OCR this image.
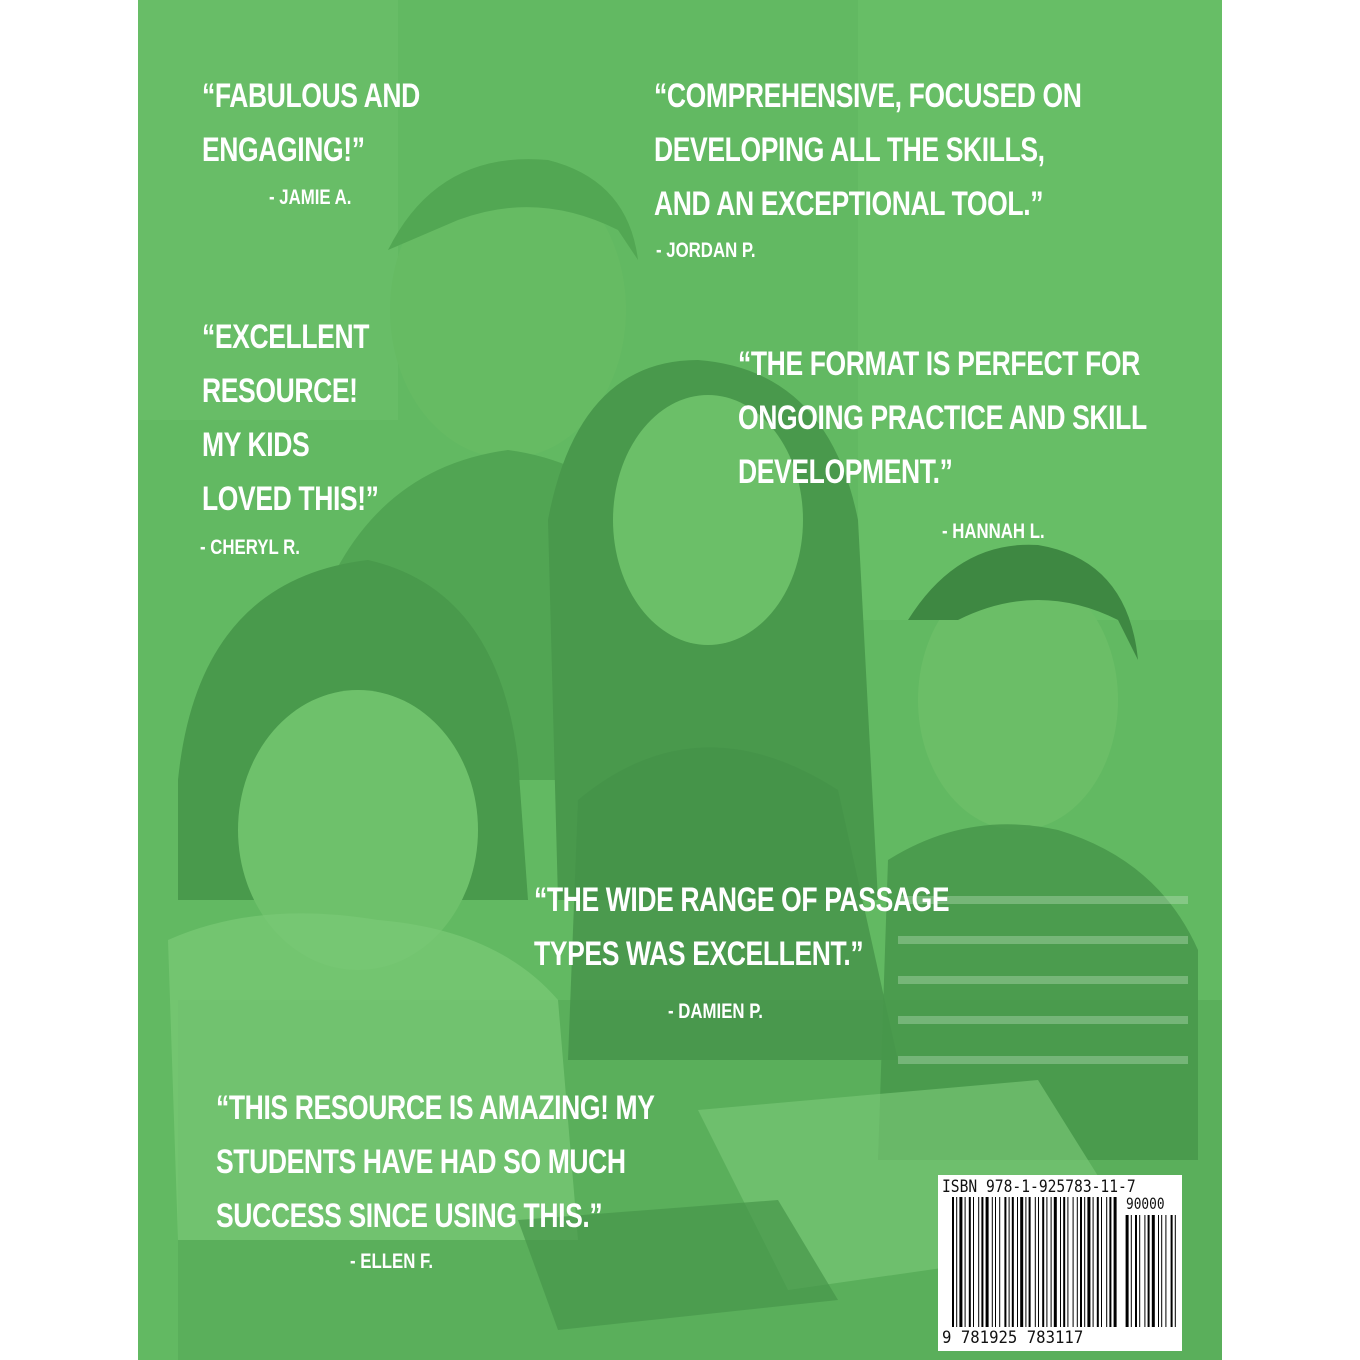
“FABULOUS AND
ENGAGING!”
- JAMIE A.
“COMPREHENSIVE, FOCUSED ON
DEVELOPING ALL THE SKILLS,
AND AN EXCEPTIONAL TOOL.”
- JORDAN P.
“EXCELLENT
RESOURCE!
MY KIDS
LOVED THIS!”
- CHERYL R.
“THE FORMAT IS PERFECT FOR
ONGOING PRACTICE AND SKILL
DEVELOPMENT.”
- HANNAH L.
“THE WIDE RANGE OF PASSAGE
TYPES WAS EXCELLENT.”
- DAMIEN P.
“THIS RESOURCE IS AMAZING! MY
STUDENTS HAVE HAD SO MUCH
SUCCESS SINCE USING THIS.”
- ELLEN F.
ISBN 978-1-925783-11-7
90000
9 781925 783117
